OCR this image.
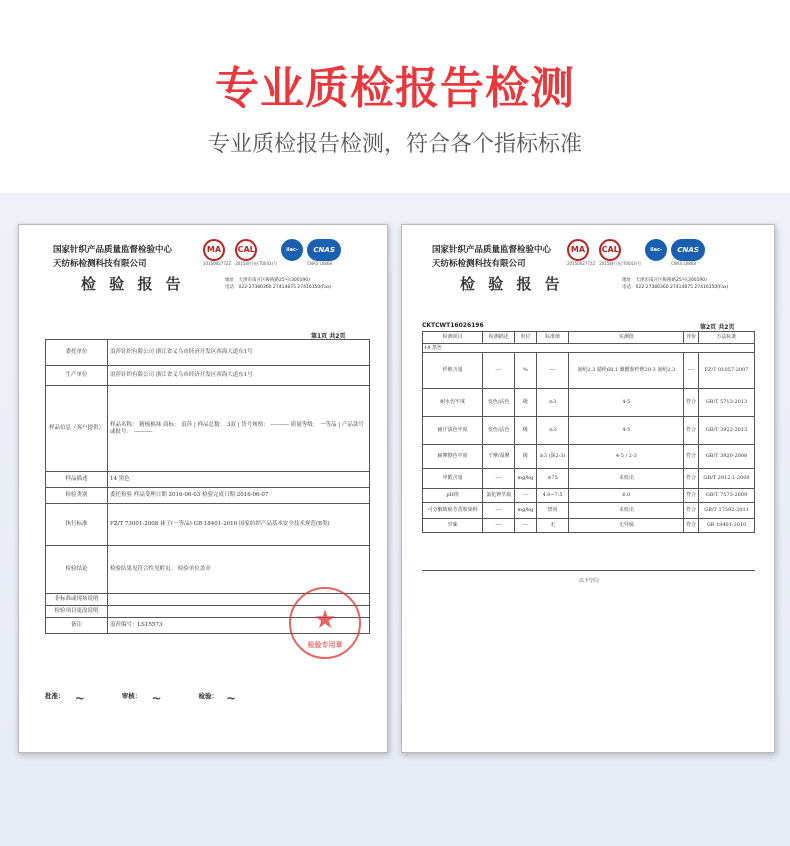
专业质检报告检测
专业质检报告检测，符合各个指标标准
国家针织产品质量监督检验中心
天纺标检测科技有限公司
MA
2015002772Z
CAL
2015顺行检(T0043)号
ilac-MRA
CNAS
CNAS L0868
检 验 报 告	地址：天津市南开区鞍桥路25号(300190)
电话：022-27380360 27414875 27416150(Fax)
第1页 共2页
委托单位	浪莎针织有限公司 浙江省义乌市经济开发区西海大道东1号
生产单位	浪莎针织有限公司 浙江省义乌市经济开发区西海大道东1号
样品信息（客户提供）	样品名称： 精梳棉袜 商标： 浪莎 | 样品总数： 3双 | 货号规格： ---------- 质量等级： 一等品 | 产品款号或批号： ----------
样品描述	14 黑色
检验类别	委托检验 样品受理日期 2016-06-03 检验完成日期 2016-06-07
执行标准	FZ/T 73001-2008 袜子(一等品) GB 18401-2010 国家纺织产品基本安全技术规范(B类)
检验结论	检验结果见符合性见附页。 检验单位盖章
非标准或现场说明	
检验项目更改说明	
备注	浪莎编号：LS15573	★
检验专用章
批准： ~	审核： ~	检验： ~
国家针织产品质量监督检验中心
天纺标检测科技有限公司
MA
2015002772Z
CAL
2015顺行检(T0043)号
ilac-MRA
CNAS
CNAS L0868
检 验 报 告	地址：天津市南开区鞍桥路25号(300190)
电话：022-27380360 27414875 27416150(Fax)
CKTCWT16026196	第2页 共2页
检测项目	检测描述	单位	标准值	实测值	评价	方法标准
14 黑色						
纤维含量	----	%	----	氨纶2.3 腈纶68.1 聚酰胺纤维29.3 氨纶2.3	----	FZ/T 01057-2007
耐水色牢度	变色/沾色	级	≥3	4-5	符合	GB/T 5713-2013
耐汗渍色牢度	变色/沾色	级	≥3	4-5	符合	GB/T 3922-2013
耐摩擦色牢度	干摩/湿摩	级	≥3 (深2-3)	4-5 / 2-3	符合	GB/T 3920-2008
甲醛含量	----	mg/kg	≤75	未检出	符合	GB/T 2912.1-2009
pH值	氯化钾萃取	----	4.0~7.5	6.0	符合	GB/T 7573-2009
可分解致癌芳香胺染料	----	mg/kg	禁用	未检出	符合	GB/T 17592-2011
异味	----	----	无	无异味	符合	GB 18401-2010
以下空白
